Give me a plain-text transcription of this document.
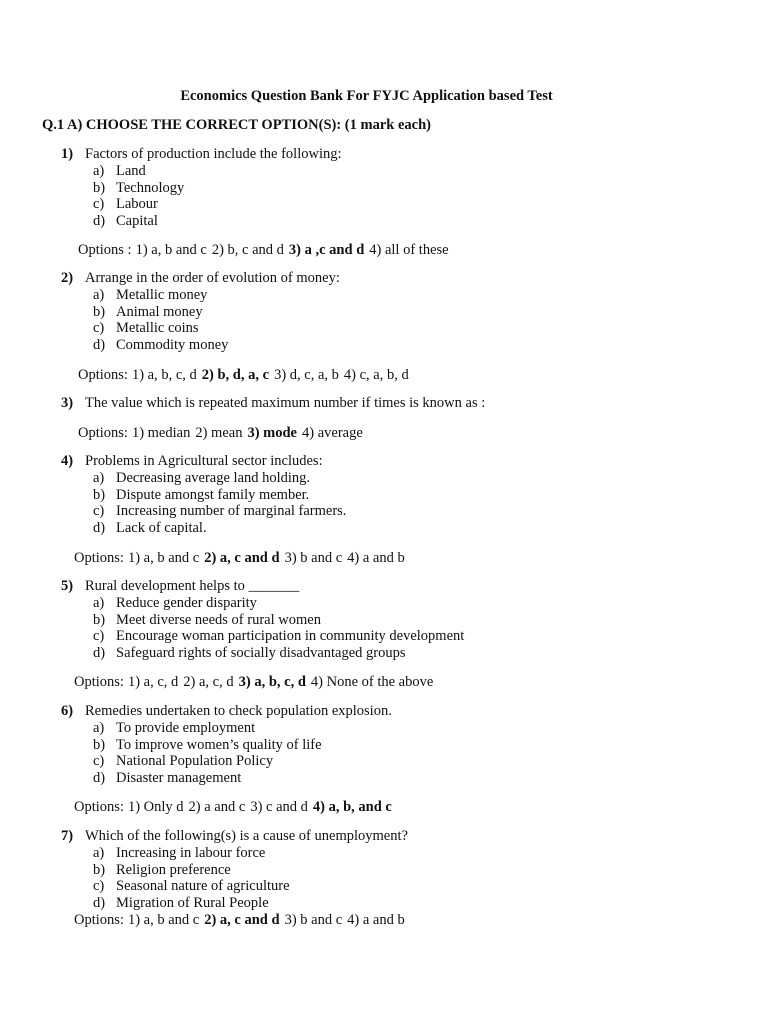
Economics Question Bank For FYJC Application based Test
Q.1 A) CHOOSE THE CORRECT OPTION(S): (1 mark each)
1) Factors of production include the following:
a) Land
b) Technology
c) Labour
d) Capital
Options : 1) a, b and c 2) b, c and d 3) a ,c and d 4) all of these
2) Arrange in the order of evolution of money:
a) Metallic money
b) Animal money
c) Metallic coins
d) Commodity money
Options: 1) a, b, c, d 2) b, d, a, c 3) d, c, a, b 4) c, a, b, d
3) The value which is repeated maximum number if times is known as :
Options: 1) median 2) mean 3) mode 4) average
4) Problems in Agricultural sector includes:
a) Decreasing average land holding.
b) Dispute amongst family member.
c) Increasing number of marginal farmers.
d) Lack of capital.
Options: 1) a, b and c 2) a, c and d 3) b and c 4) a and b
5) Rural development helps to _______
a) Reduce gender disparity
b) Meet diverse needs of rural women
c) Encourage woman participation in community development
d) Safeguard rights of socially disadvantaged groups
Options: 1) a, c, d 2) a, c, d 3) a, b, c, d 4) None of the above
6) Remedies undertaken to check population explosion.
a) To provide employment
b) To improve women’s quality of life
c) National Population Policy
d) Disaster management
Options: 1) Only d 2) a and c 3) c and d 4) a, b, and c
7) Which of the following(s) is a cause of unemployment?
a) Increasing in labour force
b) Religion preference
c) Seasonal nature of agriculture
d) Migration of Rural People
Options: 1) a, b and c 2) a, c and d 3) b and c 4) a and b
